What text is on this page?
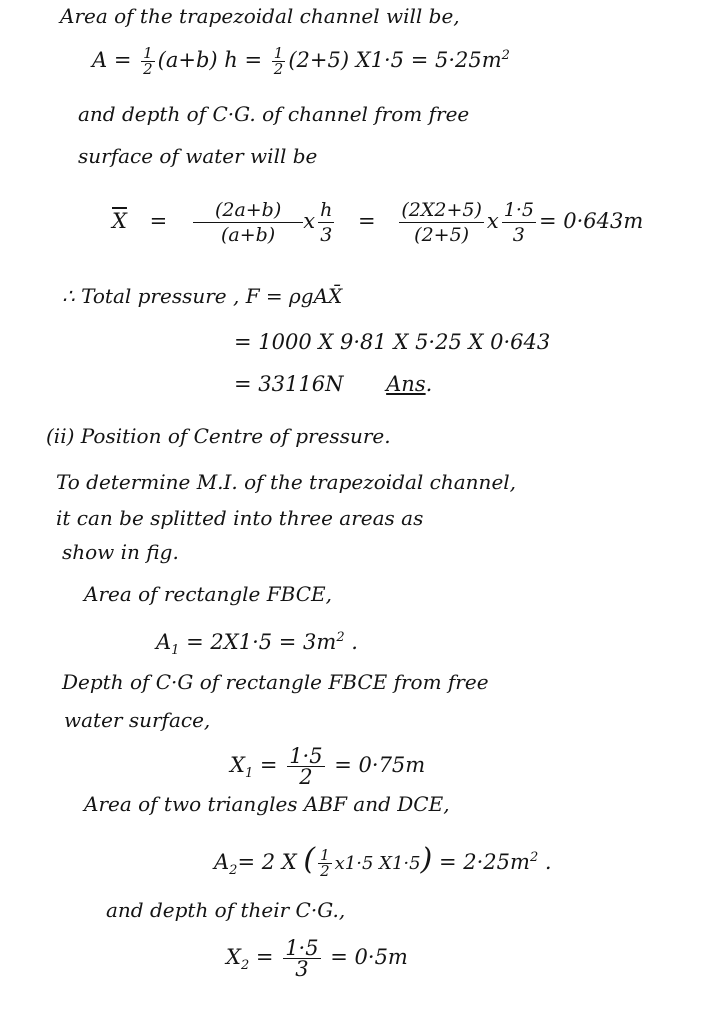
Area of the trapezoidal channel will be,
$A = \frac{1}{2} (a+b) h = \frac{1}{2} (2+5) X1\cdot 5 = 5\cdot 25m^2$
and depth of C·G. of channel from free
surface of water will be
$\overline{X} = \frac{(2a+b)}{(a+b)}$ x $\frac{h}{3} = \frac{(2X2+5)}{(2+5)}$ x $\frac{1\cdot 5}{3} = 0\cdot 643m$
∴ Total pressure , F = ρgAX̄
= 1000 X 9·81 X 5·25 X 0·643
= 33116N Ans.
(ii) Position of Centre of pressure.
To determine M.I. of the trapezoidal channel,
it can be splitted into three areas as
show in fig.
Area of rectangle FBCE,
$A_1 = 2X1\cdot 5 = 3m^2$ .
Depth of C·G of rectangle FBCE from free
water surface,
$X_1 = \frac{1\cdot 5}{2} = 0\cdot 75m$
Area of two triangles ABF and DCE,
$A_2= 2$ X ( $\frac{1}{2} x1\cdot 5$ $X1\cdot 5) = 2\cdot 25m^2$ .
and depth of their C·G.,
$X_2 = \frac{1\cdot 5}{3} = 0\cdot 5m$
